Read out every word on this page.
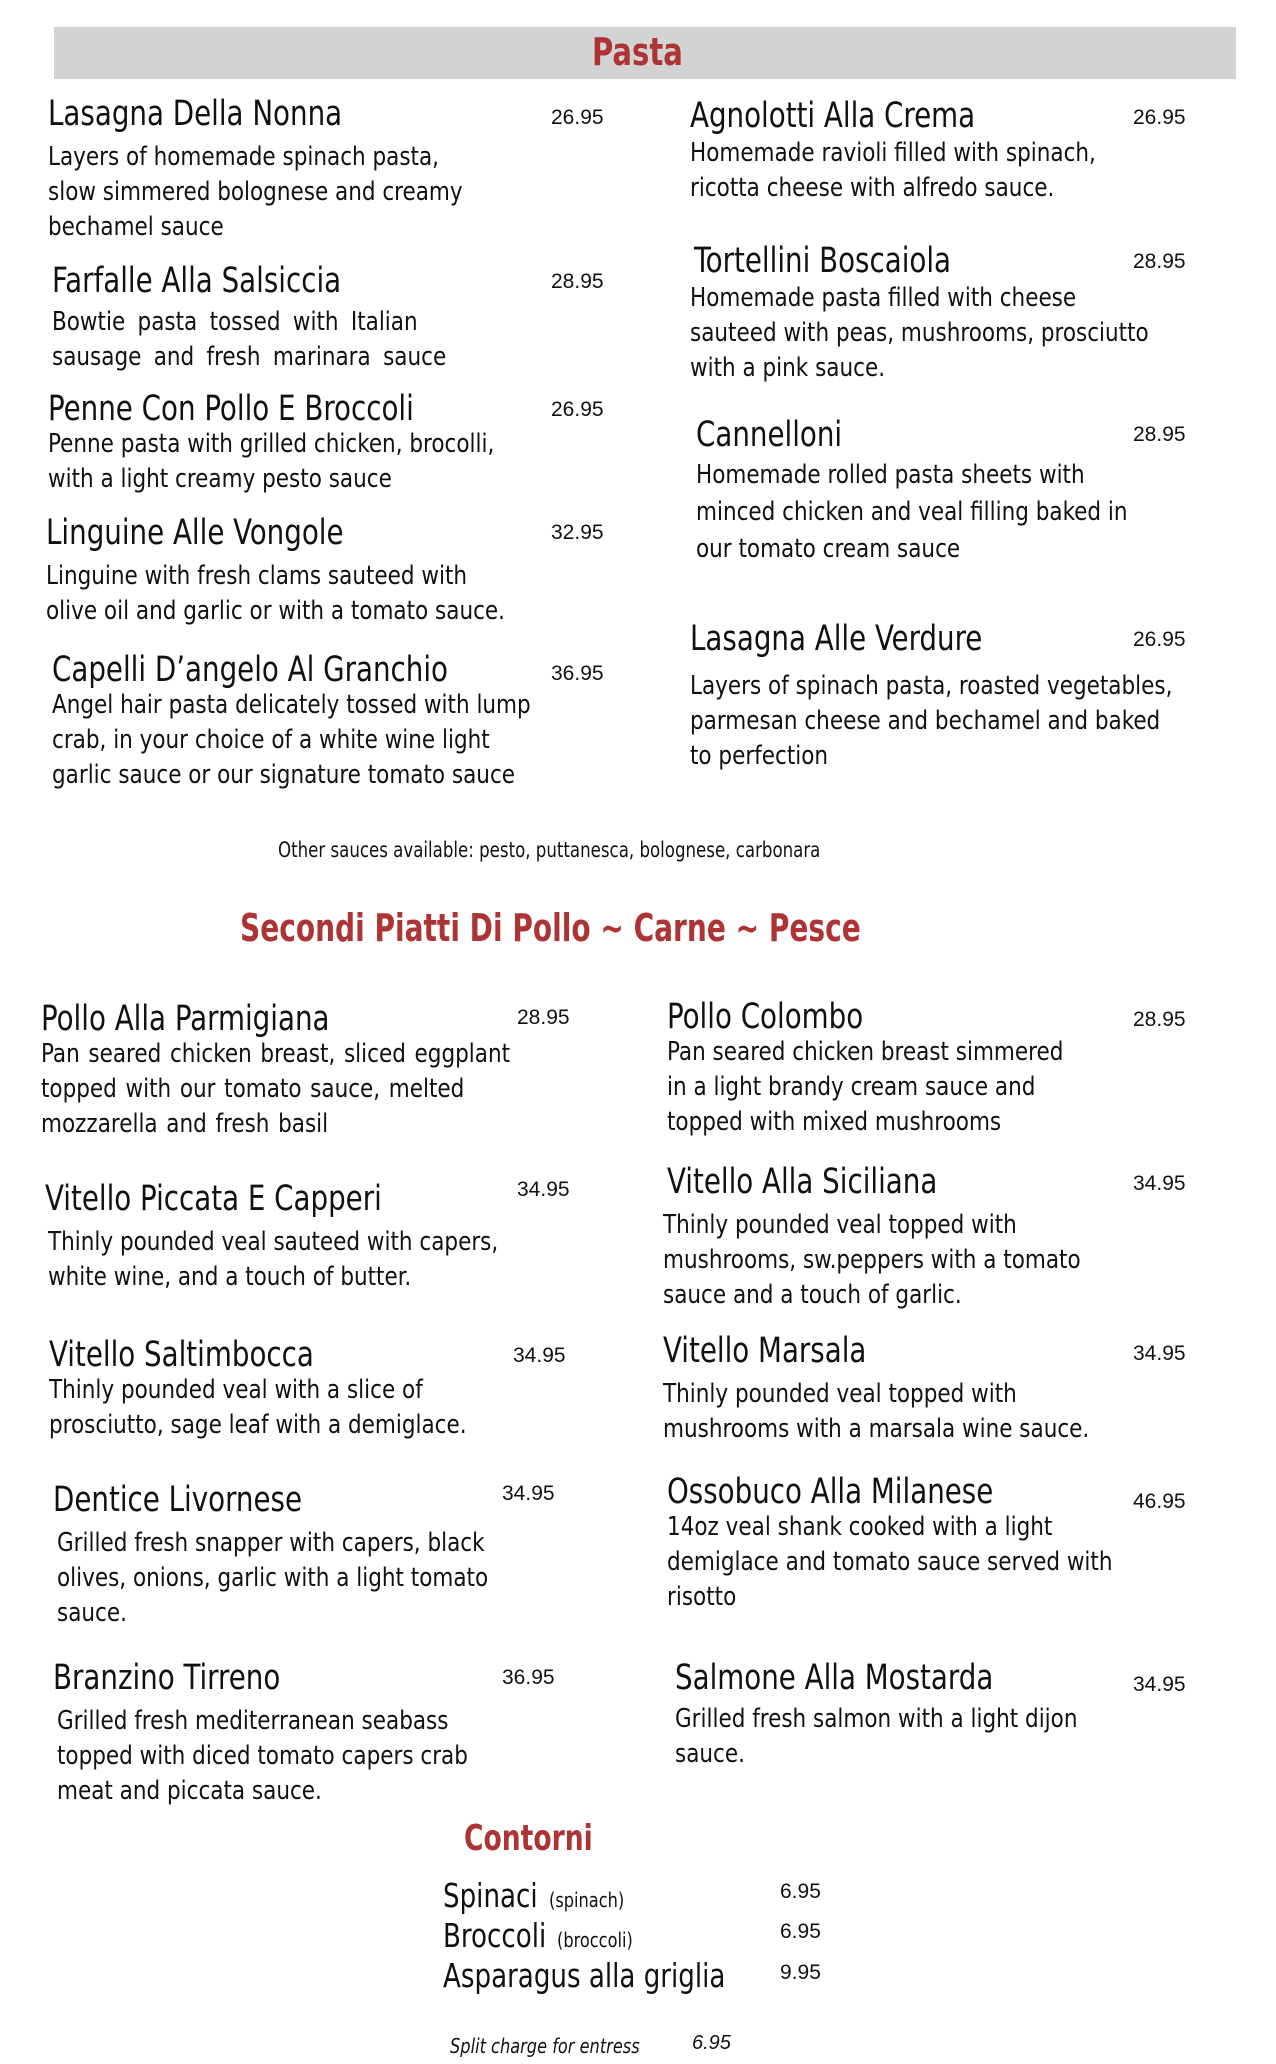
Pasta
Lasagna Della Nonna
Layers of homemade spinach pasta,
slow simmered bolognese and creamy
bechamel sauce
26.95
Farfalle Alla Salsiccia
Bowtie pasta tossed with Italian
sausage and fresh marinara sauce
28.95
Penne Con Pollo E Broccoli
Penne pasta with grilled chicken, brocolli,
with a light creamy pesto sauce
26.95
Linguine Alle Vongole
Linguine with fresh clams sauteed with
olive oil and garlic or with a tomato sauce.
32.95
Capelli D’angelo Al Granchio
Angel hair pasta delicately tossed with lump
crab, in your choice of a white wine light
garlic sauce or our signature tomato sauce
36.95
Agnolotti Alla Crema
Homemade ravioli filled with spinach,
ricotta cheese with alfredo sauce.
26.95
Tortellini Boscaiola
Homemade pasta filled with cheese
sauteed with peas, mushrooms, prosciutto
with a pink sauce.
28.95
Cannelloni
Homemade rolled pasta sheets with
minced chicken and veal filling baked in
our tomato cream sauce
28.95
Lasagna Alle Verdure
Layers of spinach pasta, roasted vegetables,
parmesan cheese and bechamel and baked
to perfection
26.95
Other sauces available: pesto, puttanesca, bolognese, carbonara
Secondi Piatti Di Pollo ~ Carne ~ Pesce
Pollo Alla Parmigiana
Pan seared chicken breast, sliced eggplant
topped with our tomato sauce, melted
mozzarella and fresh basil
28.95
Vitello Piccata E Capperi
Thinly pounded veal sauteed with capers,
white wine, and a touch of butter.
34.95
Vitello Saltimbocca
Thinly pounded veal with a slice of
prosciutto, sage leaf with a demiglace.
34.95
Dentice Livornese
Grilled fresh snapper with capers, black
olives, onions, garlic with a light tomato
sauce.
34.95
Branzino Tirreno
Grilled fresh mediterranean seabass
topped with diced tomato capers crab
meat and piccata sauce.
36.95
Pollo Colombo
Pan seared chicken breast simmered
in a light brandy cream sauce and
topped with mixed mushrooms
28.95
Vitello Alla Siciliana
Thinly pounded veal topped with
mushrooms, sw.peppers with a tomato
sauce and a touch of garlic.
34.95
Vitello Marsala
Thinly pounded veal topped with
mushrooms with a marsala wine sauce.
34.95
Ossobuco Alla Milanese
14oz veal shank cooked with a light
demiglace and tomato sauce served with
risotto
46.95
Salmone Alla Mostarda
Grilled fresh salmon with a light dijon
sauce.
34.95
Contorni
Spinaci (spinach)	6.95
Broccoli (broccoli)	6.95
Asparagus alla griglia	9.95
Split charge for entress	6.95
